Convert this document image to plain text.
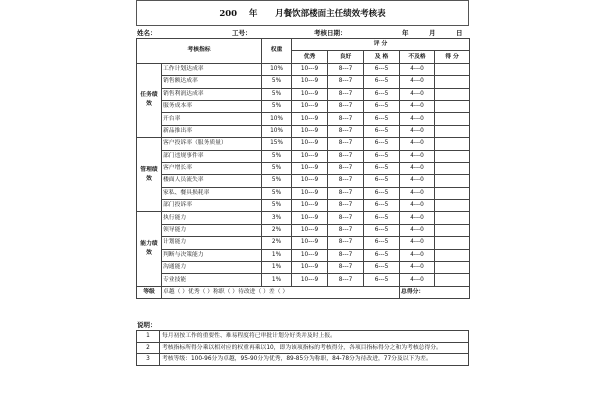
200    年      月餐饮部楼面主任绩效考核表
姓名：	工号：	考核日期：	年	月	日
考核指标		权重	评 分				
			优秀	良好	及 格	不及格	得 分
任务绩效	工作计划达成率	10%	10---9	8---7	6---5	4---0	
	销售额达成率	5%	10---9	8---7	6---5	4---0	
	销售利润达成率	5%	10---9	8---7	6---5	4---0	
	服务成本率	5%	10---9	8---7	6---5	4---0	
	开台率	10%	10---9	8---7	6---5	4---0	
	新品推出率	10%	10---9	8---7	6---5	4---0	
管理绩效	客户投诉率（服务质量）	15%	10---9	8---7	6---5	4---0	
	部门违规事件率	5%	10---9	8---7	6---5	4---0	
	客户增长率	5%	10---9	8---7	6---5	4---0	
	楼面人员流失率	5%	10---9	8---7	6---5	4---0	
	家私、餐具损耗率	5%	10---9	8---7	6---5	4---0	
	部门投诉率	5%	10---9	8---7	6---5	4---0	
能力绩效	执行能力	3%	10---9	8---7	6---5	4---0	
	领导能力	2%	10---9	8---7	6---5	4---0	
	计划能力	2%	10---9	8---7	6---5	4---0	
	判断与决策能力	1%	10---9	8---7	6---5	4---0	
	沟通能力	1%	10---9	8---7	6---5	4---0	
	专业技能	1%	10---9	8---7	6---5	4---0	
等级	卓越（ ）优秀（ ）称职（ ）待改进（ ）差（ ）					总得分：	
说明：
1	每月初按工作的重要性、难易程度将已审批计划分好类并及时上报。
2	考核指标所得分乘以相对应的权重再乘以10，即为该项指标的考核得分，各项目指标得分之和为考核总得分。
3	考核等级：100-96分为卓越，95-90分为优秀，89-85分为称职，84-78分为待改进，77分及以下为差。
